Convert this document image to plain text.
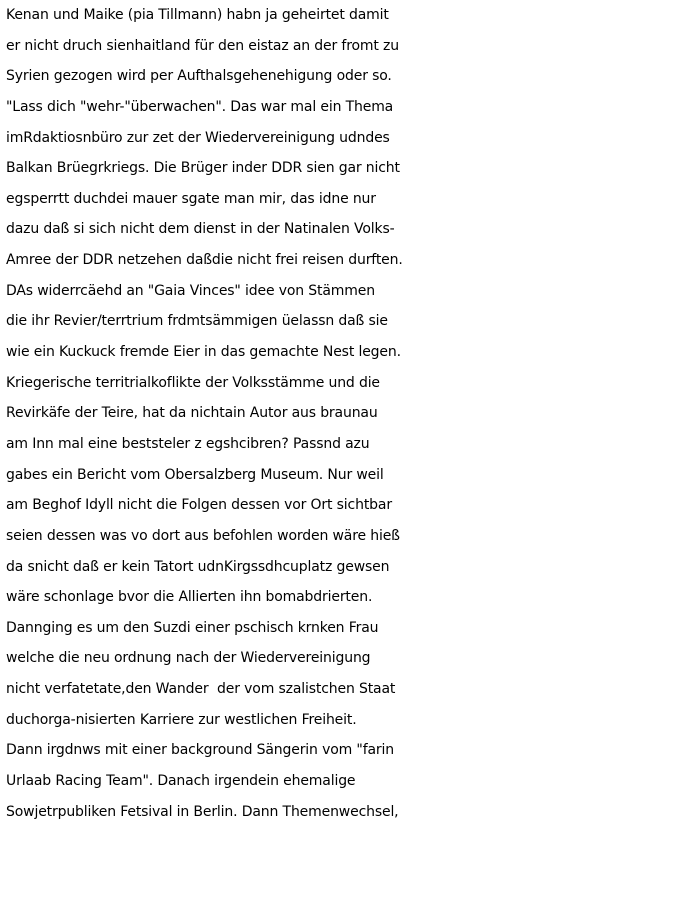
Kenan und Maike (pia Tillmann) habn ja geheirtet damit
er nicht druch sienhaitland für den eistaz an der fromt zu
Syrien gezogen wird per Aufthalsgehenehigung oder so.
"Lass dich "wehr-"überwachen". Das war mal ein Thema
imRdaktiosnbüro zur zet der Wiedervereinigung udndes
Balkan Brüegrkriegs. Die Brüger inder DDR sien gar nicht
egsperrtt duchdei mauer sgate man mir, das idne nur
dazu daß si sich nicht dem dienst in der Natinalen Volks-
Amree der DDR netzehen daßdie nicht frei reisen durften.
DAs widerrcäehd an "Gaia Vinces" idee von Stämmen
die ihr Revier/terrtrium frdmtsämmigen üelassn daß sie
wie ein Kuckuck fremde Eier in das gemachte Nest legen.
Kriegerische territrialkoflikte der Volksstämme und die
Revirkäfe der Teire, hat da nichtain Autor aus braunau
am Inn mal eine beststeler z egshcibren? Passnd azu
gabes ein Bericht vom Obersalzberg Museum. Nur weil
am Beghof Idyll nicht die Folgen dessen vor Ort sichtbar
seien dessen was vo dort aus befohlen worden wäre hieß
da snicht daß er kein Tatort udnKirgssdhcuplatz gewsen
wäre schonlage bvor die Allierten ihn bomabdrierten.
Dannging es um den Suzdi einer pschisch krnken Frau
welche die neu ordnung nach der Wiedervereinigung
nicht verfatetate,den Wander  der vom szalistchen Staat
duchorga-nisierten Karriere zur westlichen Freiheit.
Dann irgdnws mit einer background Sängerin vom "farin
Urlaab Racing Team". Danach irgendein ehemalige
Sowjetrpubliken Fetsival in Berlin. Dann Themenwechsel,
